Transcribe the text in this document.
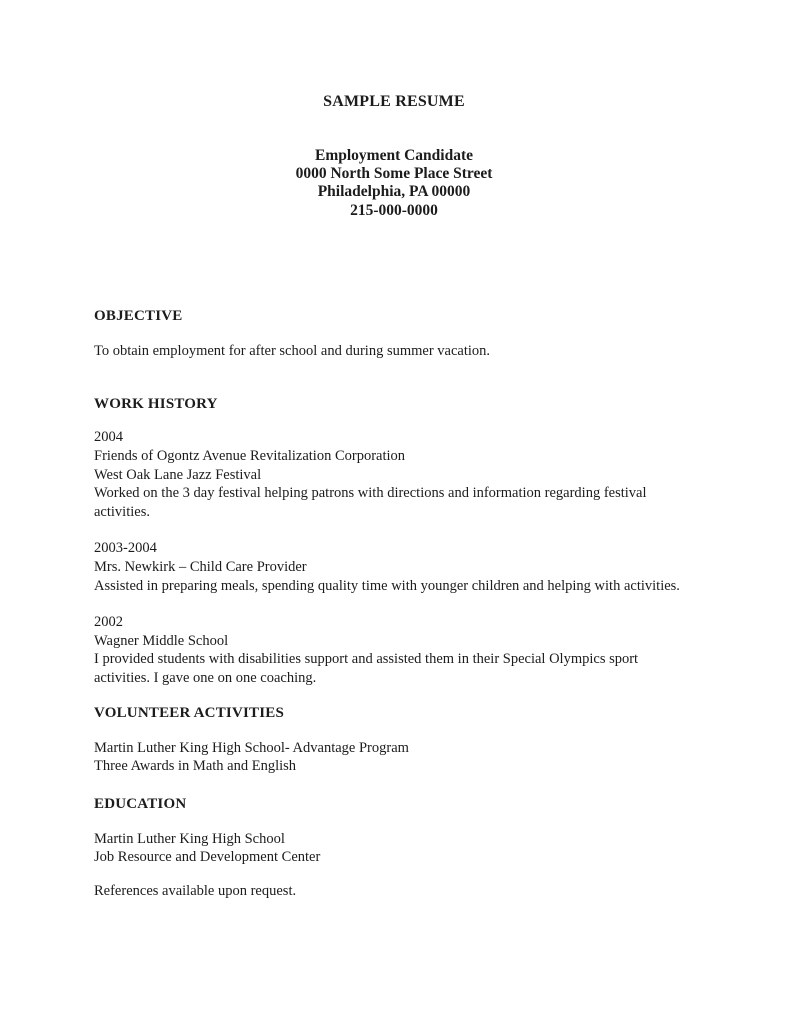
SAMPLE RESUME
Employment Candidate
0000 North Some Place Street
Philadelphia, PA 00000
215-000-0000
OBJECTIVE

To obtain employment for after school and during summer vacation.

WORK HISTORY
2004
Friends of Ogontz Avenue Revitalization Corporation
West Oak Lane Jazz Festival
Worked on the 3 day festival helping patrons with directions and information regarding festival activities.
2003-2004
Mrs. Newkirk – Child Care Provider
Assisted in preparing meals, spending quality time with younger children and helping with activities.
2002
Wagner Middle School
I provided students with disabilities support and assisted them in their Special Olympics sport activities. I gave one on one coaching.
VOLUNTEER ACTIVITIES
Martin Luther King High School- Advantage Program
Three Awards in Math and English
EDUCATION
Martin Luther King High School
Job Resource and Development Center

References available upon request.
